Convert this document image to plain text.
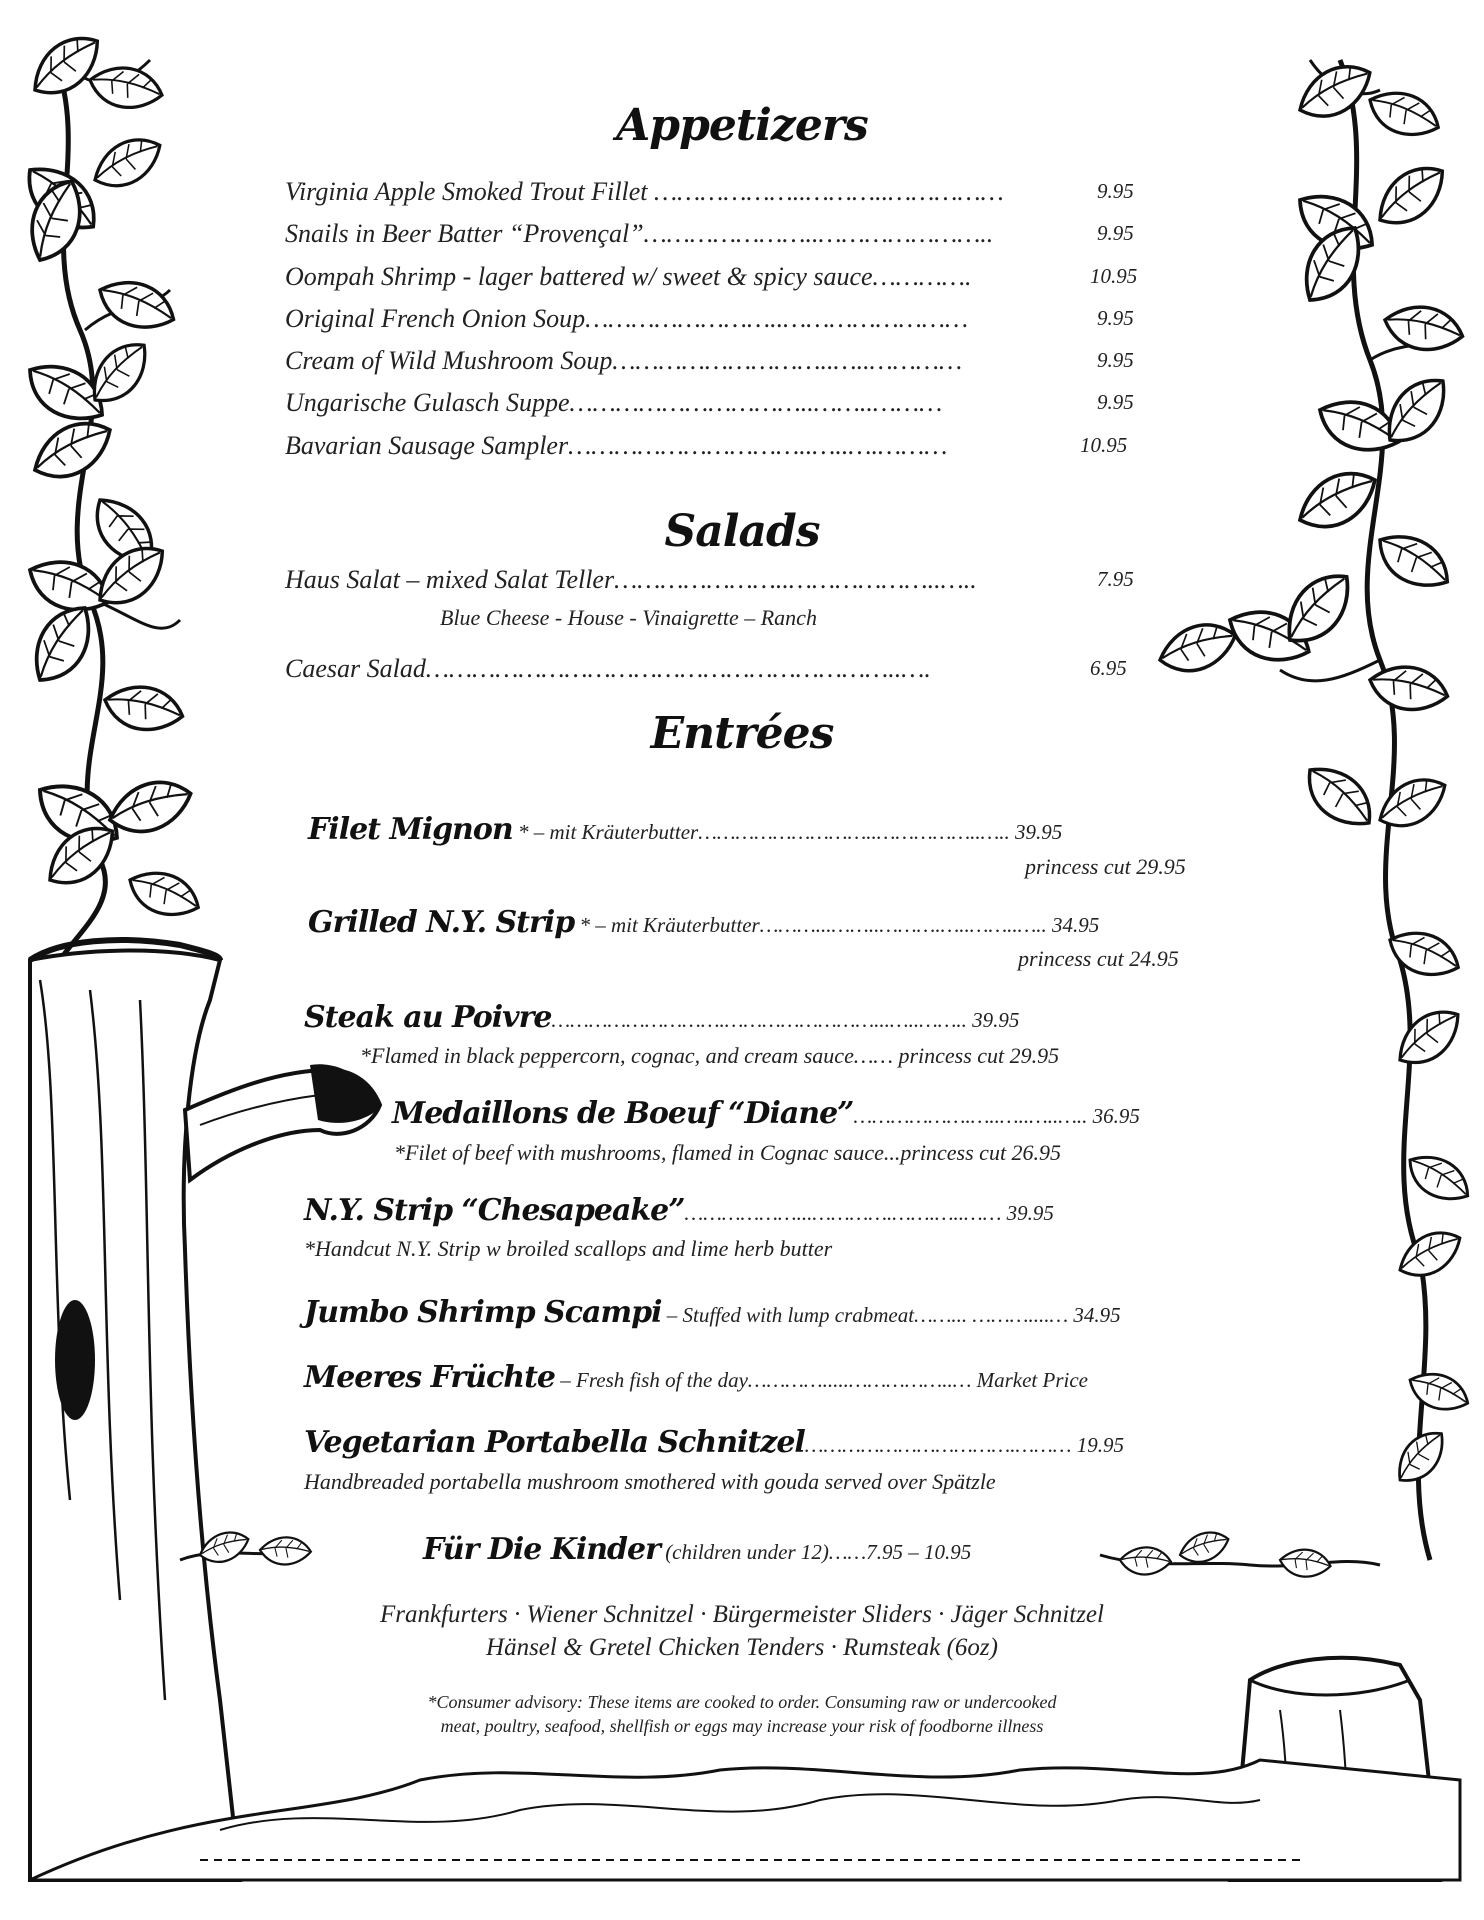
Appetizers
Virginia Apple Smoked Trout Fillet ………………..………..……………	9.95
Snails in Beer Batter “Provençal”…………………..…………………..	9.95
Oompah Shrimp - lager battered w/ sweet & spicy sauce………….	10.95
Original French Onion Soup……………………..……………………	9.95
Cream of Wild Mushroom Soup………………………..…..…………	9.95
Ungarische Gulasch Suppe…………………………..……..………	9.95
Bavarian Sausage Sampler…………………………..…..….………	10.95
Salads
Haus Salat – mixed Salat Teller…………………..………………..…..	7.95
Blue Cheese - House - Vinaigrette – Ranch
Caesar Salad……………………………………………………..….	6.95
Entrées
Filet Mignon * – mit Kräuterbutter………………………..……………..….. 39.95
princess cut 29.95
Grilled N.Y. Strip * – mit Kräuterbutter………...……..……….…..……..….. 34.95
princess cut 24.95
Steak au Poivre……………………….……………………...…..…….. 39.95
*Flamed in black peppercorn, cognac, and cream sauce…… princess cut 29.95
Medaillons de Boeuf “Diane”……………….…..…..…..….. 36.95
*Filet of beef with mushrooms, flamed in Cognac sauce...princess cut 26.95
N.Y. Strip “Chesapeake”………………...………….…….…..…… 39.95
*Handcut N.Y. Strip w broiled scallops and lime herb butter
Jumbo Shrimp Scampi – Stuffed with lump crabmeat……... ………....… 34.95
Meeres Früchte – Fresh fish of the day………….....……………..… Market Price
Vegetarian Portabella Schnitzel…………………………….……… 19.95
Handbreaded portabella mushroom smothered with gouda served over Spätzle
Für Die Kinder (children under 12)……7.95 – 10.95
Frankfurters · Wiener Schnitzel · Bürgermeister Sliders · Jäger Schnitzel
Hänsel & Gretel Chicken Tenders · Rumsteak (6oz)
*Consumer advisory: These items are cooked to order. Consuming raw or undercooked
meat, poultry, seafood, shellfish or eggs may increase your risk of foodborne illness
